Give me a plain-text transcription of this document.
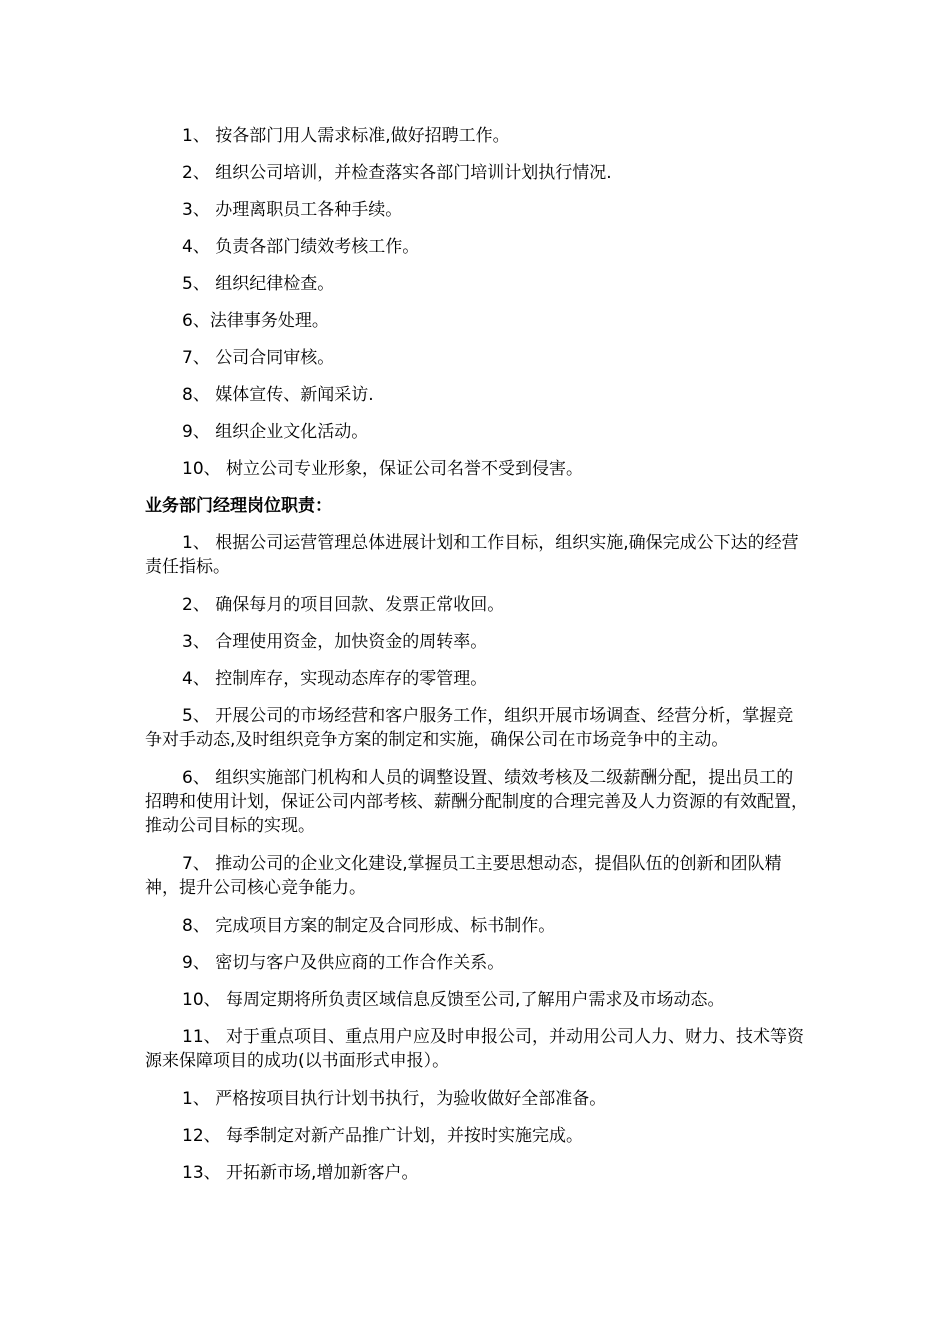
1、 按各部门用人需求标准,做好招聘工作。
2、 组织公司培训，并检查落实各部门培训计划执行情况.
3、 办理离职员工各种手续。
4、 负责各部门绩效考核工作。
5、 组织纪律检查。
6、法律事务处理。
7、 公司合同审核。
8、 媒体宣传、新闻采访.
9、 组织企业文化活动。
10、 树立公司专业形象，保证公司名誉不受到侵害。
业务部门经理岗位职责：
1、 根据公司运营管理总体进展计划和工作目标，组织实施,确保完成公下达的经营责任指标。
2、 确保每月的项目回款、发票正常收回。
3、 合理使用资金，加快资金的周转率。
4、 控制库存，实现动态库存的零管理。
5、 开展公司的市场经营和客户服务工作，组织开展市场调查、经营分析，掌握竞争对手动态,及时组织竞争方案的制定和实施，确保公司在市场竞争中的主动。
6、 组织实施部门机构和人员的调整设置、绩效考核及二级薪酬分配，提出员工的招聘和使用计划，保证公司内部考核、薪酬分配制度的合理完善及人力资源的有效配置，推动公司目标的实现。
7、 推动公司的企业文化建设,掌握员工主要思想动态，提倡队伍的创新和团队精神，提升公司核心竞争能力。
8、 完成项目方案的制定及合同形成、标书制作。
9、 密切与客户及供应商的工作合作关系。
10、 每周定期将所负责区域信息反馈至公司,了解用户需求及市场动态。
11、 对于重点项目、重点用户应及时申报公司，并动用公司人力、财力、技术等资源来保障项目的成功(以书面形式申报）。
1、 严格按项目执行计划书执行，为验收做好全部准备。
12、 每季制定对新产品推广计划，并按时实施完成。
13、 开拓新市场,增加新客户。
